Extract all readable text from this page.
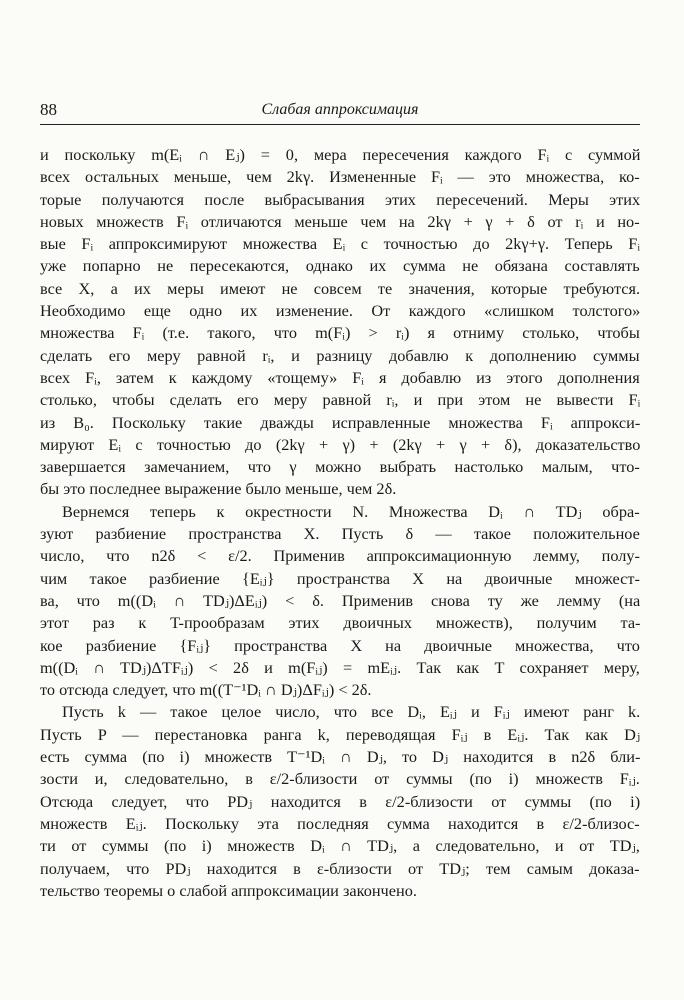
88	Слабая аппроксимация

и поскольку m(Eᵢ ∩ Eⱼ) = 0, мера пересечения каждого Fᵢ с суммой
всех остальных меньше, чем 2kγ. Измененные Fᵢ — это множества, ко-
торые получаются после выбрасывания этих пересечений. Меры этих
новых множеств Fᵢ отличаются меньше чем на 2kγ + γ + δ от rᵢ и но-
вые Fᵢ аппроксимируют множества Eᵢ с точностью до 2kγ+γ. Теперь Fᵢ
уже попарно не пересекаются, однако их сумма не обязана составлять
все X, а их меры имеют не совсем те значения, которые требуются.
Необходимо еще одно их изменение. От каждого «слишком толстого»
множества Fᵢ (т.е. такого, что m(Fᵢ) > rᵢ) я отниму столько, чтобы
сделать его меру равной rᵢ, и разницу добавлю к дополнению суммы
всех Fᵢ, затем к каждому «тощему» Fᵢ я добавлю из этого дополнения
столько, чтобы сделать его меру равной rᵢ, и при этом не вывести Fᵢ
из B₀. Поскольку такие дважды исправленные множества Fᵢ аппрокси-
мируют Eᵢ с точностью до (2kγ + γ) + (2kγ + γ + δ), доказательство
завершается замечанием, что γ можно выбрать настолько малым, что-
бы это последнее выражение было меньше, чем 2δ.

Вернемся теперь к окрестности N. Множества Dᵢ ∩ TDⱼ обра-
зуют разбиение пространства X. Пусть δ — такое положительное
число, что n2δ < ε/2. Применив аппроксимационную лемму, полу-
чим такое разбиение {Eᵢⱼ} пространства X на двоичные множест-
ва, что m((Dᵢ ∩ TDⱼ)ΔEᵢⱼ) < δ. Применив снова ту же лемму (на
этот раз к T-прообразам этих двоичных множеств), получим та-
кое разбиение {Fᵢⱼ} пространства X на двоичные множества, что
m((Dᵢ ∩ TDⱼ)ΔTFᵢⱼ) < 2δ и m(Fᵢⱼ) = mEᵢⱼ. Так как T сохраняет меру,
то отсюда следует, что m((T⁻¹Dᵢ ∩ Dⱼ)ΔFᵢⱼ) < 2δ.

Пусть k — такое целое число, что все Dᵢ, Eᵢⱼ и Fᵢⱼ имеют ранг k.
Пусть P — перестановка ранга k, переводящая Fᵢⱼ в Eᵢⱼ. Так как Dⱼ
есть сумма (по i) множеств T⁻¹Dᵢ ∩ Dⱼ, то Dⱼ находится в n2δ бли-
зости и, следовательно, в ε/2-близости от суммы (по i) множеств Fᵢⱼ.
Отсюда следует, что PDⱼ находится в ε/2-близости от суммы (по i)
множеств Eᵢⱼ. Поскольку эта последняя сумма находится в ε/2-близос-
ти от суммы (по i) множеств Dᵢ ∩ TDⱼ, а следовательно, и от TDⱼ,
получаем, что PDⱼ находится в ε-близости от TDⱼ; тем самым доказа-
тельство теоремы о слабой аппроксимации закончено.
